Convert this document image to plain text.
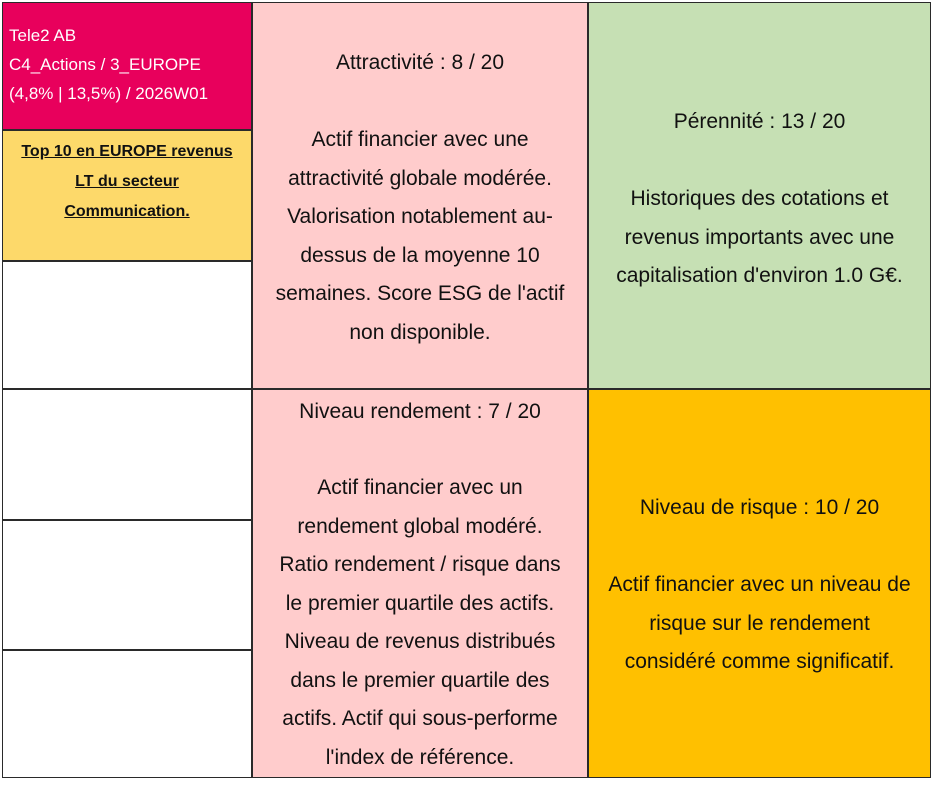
Tele2 AB
C4_Actions / 3_EUROPE
(4,8% | 13,5%) / 2026W01
Top 10 en EUROPE revenus
LT du secteur
Communication.
Attractivité : 8 / 20
Actif financier avec une
attractivité globale modérée.
Valorisation notablement au-
dessus de la moyenne 10
semaines. Score ESG de l'actif
non disponible.
Pérennité : 13 / 20
Historiques des cotations et
revenus importants avec une
capitalisation d'environ 1.0 G€.
Niveau rendement : 7 / 20
Actif financier avec un
rendement global modéré.
Ratio rendement / risque dans
le premier quartile des actifs.
Niveau de revenus distribués
dans le premier quartile des
actifs. Actif qui sous-performe
l'index de référence.
Niveau de risque : 10 / 20
Actif financier avec un niveau de
risque sur le rendement
considéré comme significatif.
